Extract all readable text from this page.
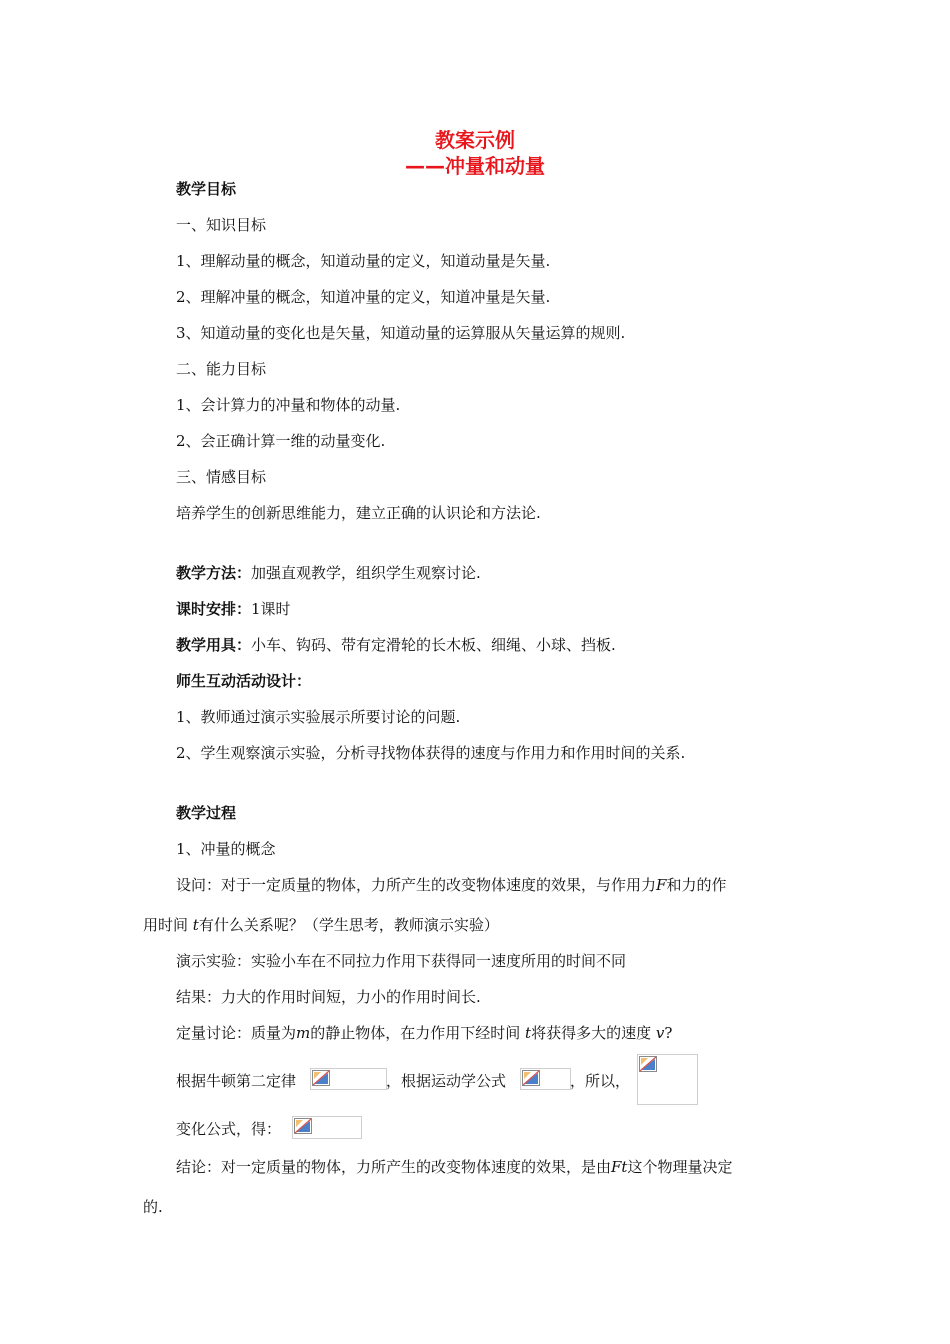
教案示例
——冲量和动量
教学目标
一、知识目标
1、理解动量的概念，知道动量的定义，知道动量是矢量.
2、理解冲量的概念，知道冲量的定义，知道冲量是矢量.
3、知道动量的变化也是矢量，知道动量的运算服从矢量运算的规则.
二、能力目标
1、会计算力的冲量和物体的动量.
2、会正确计算一维的动量变化.
三、情感目标
培养学生的创新思维能力，建立正确的认识论和方法论.
教学方法：加强直观教学，组织学生观察讨论.
课时安排：1课时
教学用具：小车、钩码、带有定滑轮的长木板、细绳、小球、挡板.
师生互动活动设计：
1、教师通过演示实验展示所要讨论的问题.
2、学生观察演示实验，分析寻找物体获得的速度与作用力和作用时间的关系.
教学过程
1、冲量的概念
设问：对于一定质量的物体，力所产生的改变物体速度的效果，与作用力F和力的作
用时间 t有什么关系呢？（学生思考，教师演示实验）
演示实验：实验小车在不同拉力作用下获得同一速度所用的时间不同
结果：力大的作用时间短，力小的作用时间长.
定量讨论：质量为m的静止物体，在力作用下经时间 t将获得多大的速度 v?
根据牛顿第二定律	，根据运动学公式	，所以，
变化公式，得：
结论：对一定质量的物体，力所产生的改变物体速度的效果，是由Ft这个物理量决定
的.
